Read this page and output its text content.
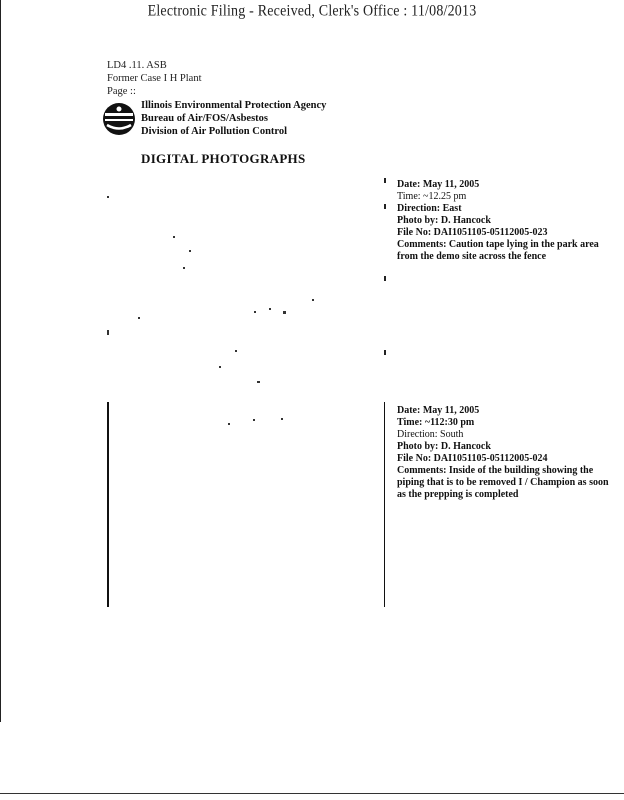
Electronic Filing - Received, Clerk's Office : 11/08/2013
LD4 .11. ASB
Former Case I H Plant
Page ::
Illinois Environmental Protection Agency
Bureau of Air/FOS/Asbestos
Division of Air Pollution Control
DIGITAL PHOTOGRAPHS
Date: May 11, 2005
Time: ~12.25 pm
Direction: East
Photo by: D. Hancock
File No: DAI1051105-05112005-023
Comments: Caution tape lying in the park area from the demo site across the fence
Date: May 11, 2005
Time: ~112:30 pm
Direction: South
Photo by: D. Hancock
File No: DAI1051105-05112005-024
Comments: Inside of the building showing the piping that is to be removed I / Champion as soon as the prepping is completed
